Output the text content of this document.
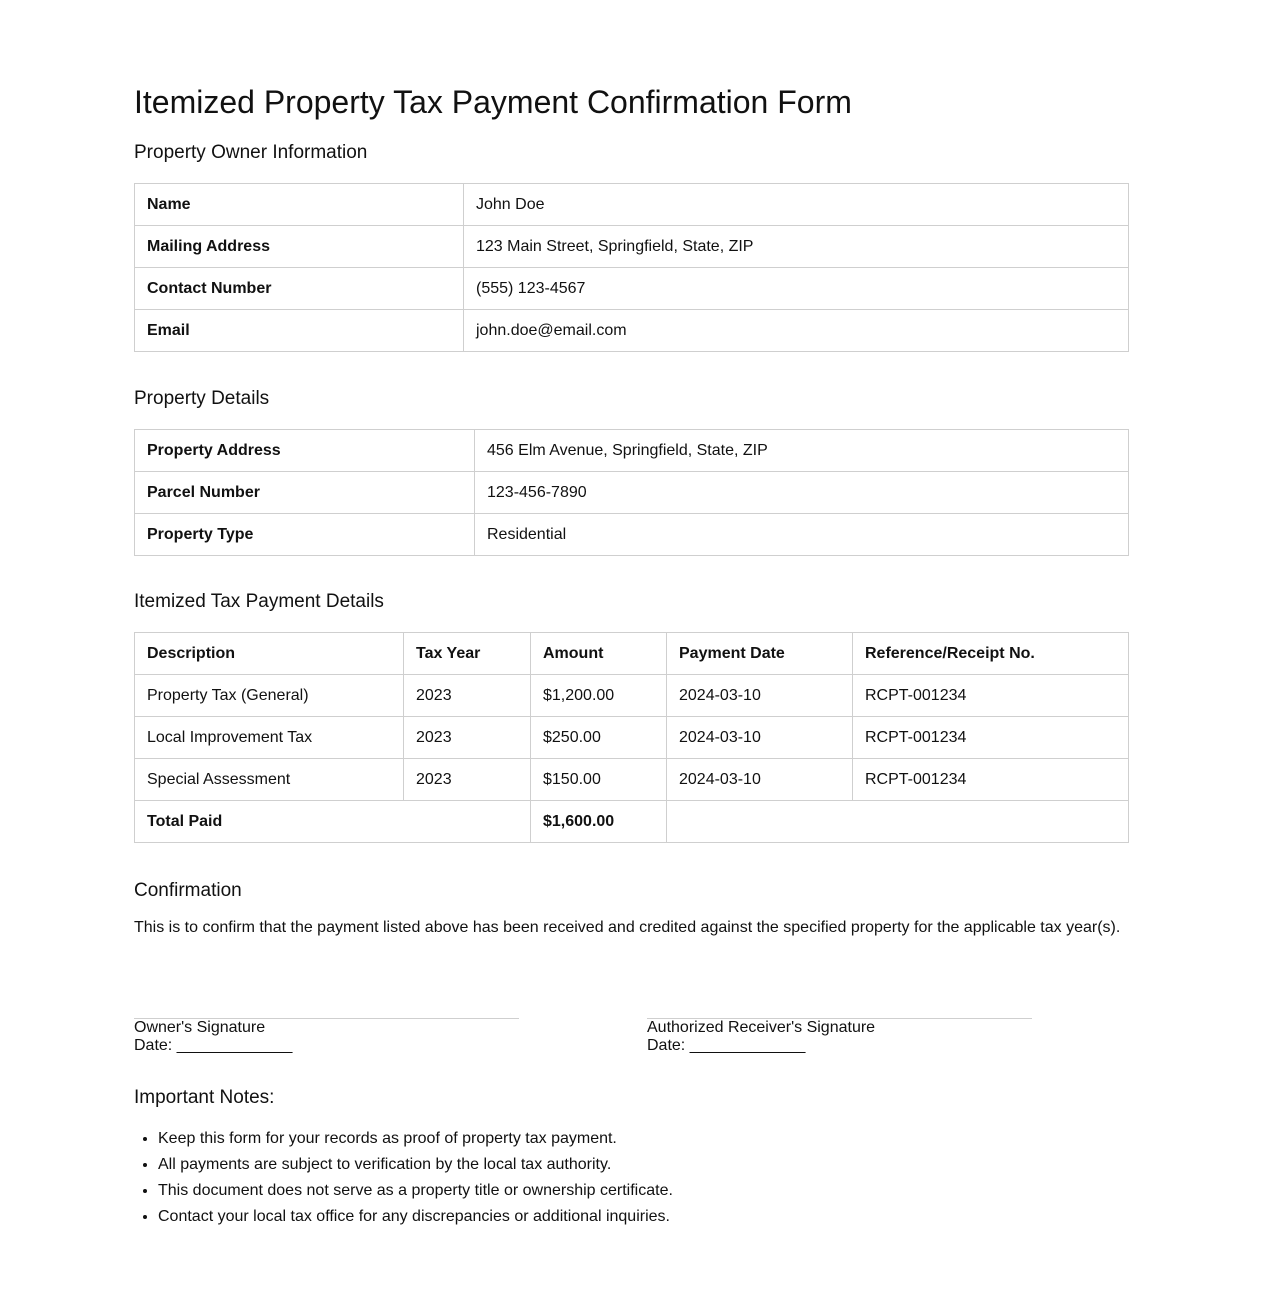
Itemized Property Tax Payment Confirmation Form
Property Owner Information
Name	John Doe
Mailing Address	123 Main Street, Springfield, State, ZIP
Contact Number	(555) 123-4567
Email	john.doe@email.com
Property Details
Property Address	456 Elm Avenue, Springfield, State, ZIP
Parcel Number	123-456-7890
Property Type	Residential
Itemized Tax Payment Details
Description	Tax Year	Amount	Payment Date	Reference/Receipt No.
Property Tax (General)	2023	$1,200.00	2024-03-10	RCPT-001234
Local Improvement Tax	2023	$250.00	2024-03-10	RCPT-001234
Special Assessment	2023	$150.00	2024-03-10	RCPT-001234
Total Paid		$1,600.00		
Confirmation

This is to confirm that the payment listed above has been received and credited against the specified property for the applicable tax year(s).

Owner's Signature
Date: _____________
Authorized Receiver's Signature
Date: _____________
Important Notes:
• Keep this form for your records as proof of property tax payment.
• All payments are subject to verification by the local tax authority.
• This document does not serve as a property title or ownership certificate.
• Contact your local tax office for any discrepancies or additional inquiries.
